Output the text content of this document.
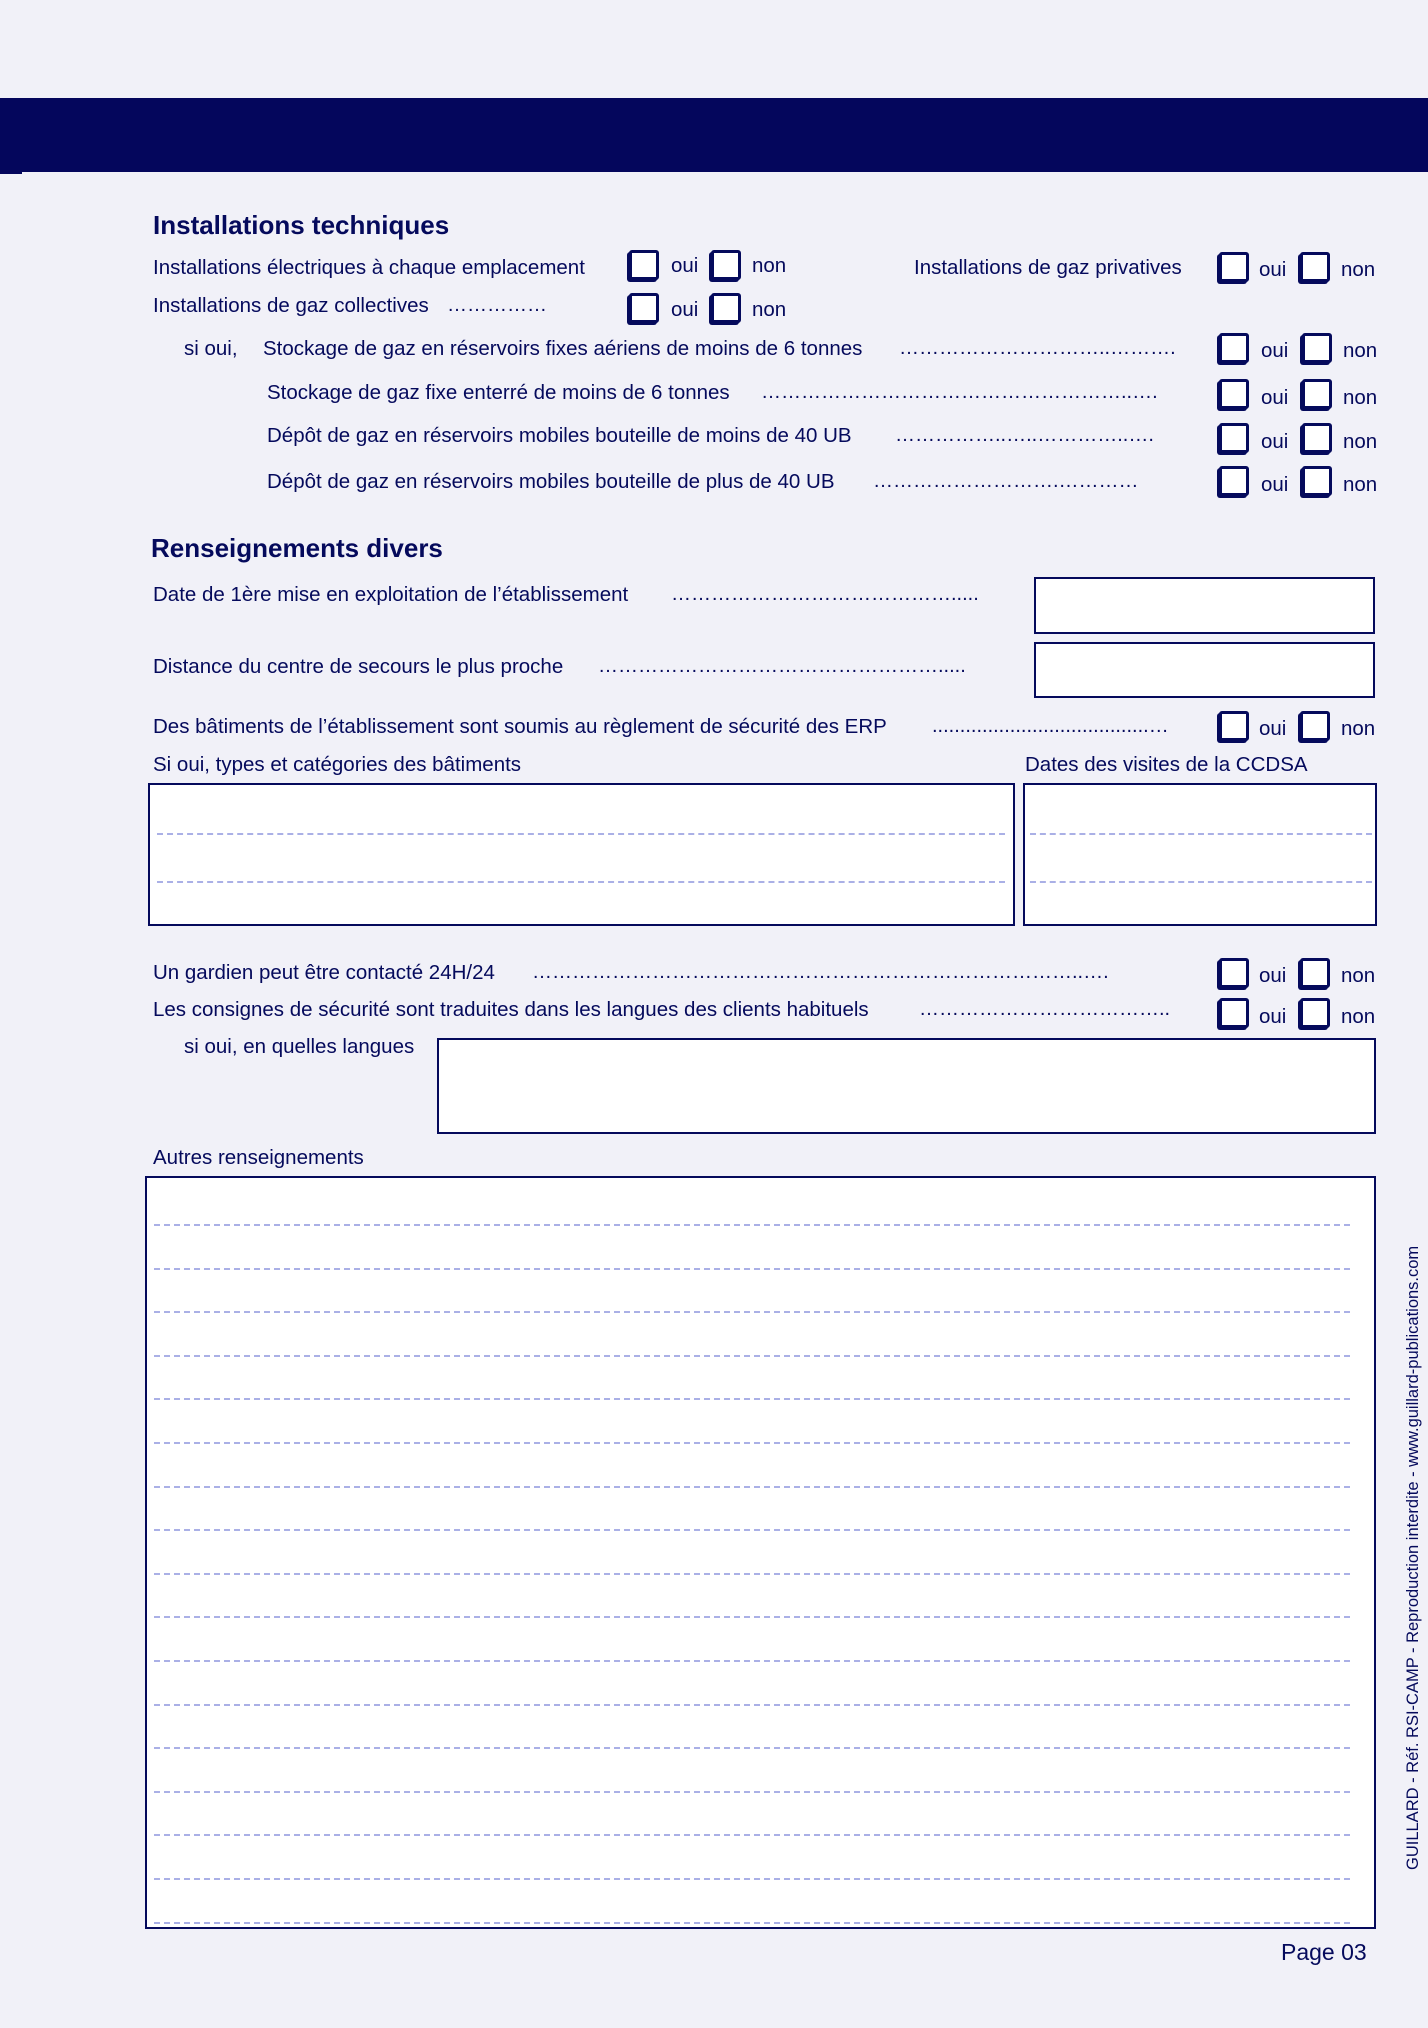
Installations techniques
Installations électriques à chaque emplacement	oui	non	Installations de gaz privatives	oui	non
Installations de gaz collectives ……………	oui	non
si oui, Stockage de gaz en réservoirs fixes aériens de moins de 6 tonnes …………………………..……….	oui	non
Stockage de gaz fixe enterré de moins de 6 tonnes ………………………………………………..….	oui	non
Dépôt de gaz en réservoirs mobiles bouteille de moins de 40 UB ……………..…..…………..….	oui	non
Dépôt de gaz en réservoirs mobiles bouteille de plus de 40 UB ……………………….…………	oui	non
Renseignements divers
Date de 1ère mise en exploitation de l’établissement …………………………………….....
Distance du centre de secours le plus proche …………………………………………….....
Des bâtiments de l’établissement sont soumis au règlement de sécurité des ERP .......................................…	oui	non
Si oui, types et catégories des bâtiments	Dates des visites de la CCDSA
Un gardien peut être contacté 24H/24 ………………………………………………………………………..….	oui	non
Les consignes de sécurité sont traduites dans les langues des clients habituels	………………………………..	oui	non
si oui, en quelles langues
Autres renseignements
GUILLARD - Réf. RSI-CAMP - Reproduction interdite - www.guillard-publications.com
Page 03
